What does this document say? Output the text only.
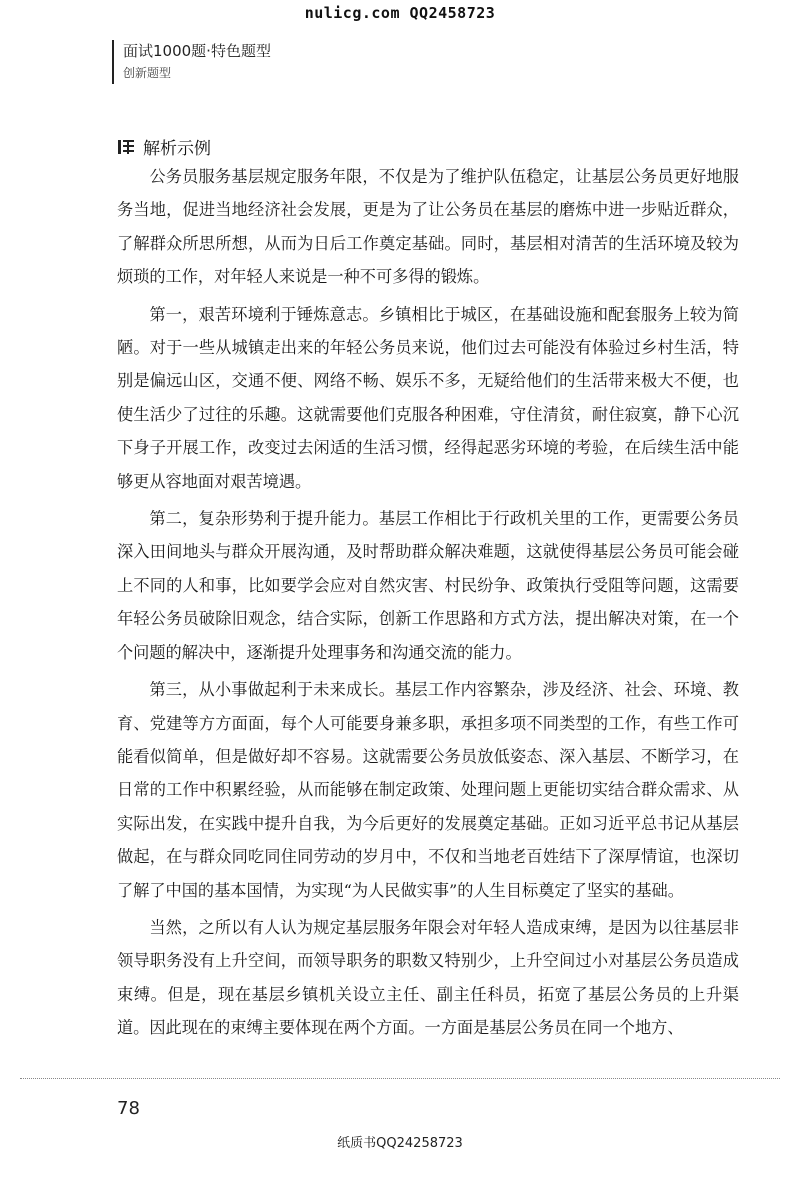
nulicg.com QQ2458723
面试1000题·特色题型
创新题型
解析示例

公务员服务基层规定服务年限，不仅是为了维护队伍稳定，让基层公务员更好地服务当地，促进当地经济社会发展，更是为了让公务员在基层的磨炼中进一步贴近群众，了解群众所思所想，从而为日后工作奠定基础。同时，基层相对清苦的生活环境及较为烦琐的工作，对年轻人来说是一种不可多得的锻炼。

第一，艰苦环境利于锤炼意志。乡镇相比于城区，在基础设施和配套服务上较为简陋。对于一些从城镇走出来的年轻公务员来说，他们过去可能没有体验过乡村生活，特别是偏远山区，交通不便、网络不畅、娱乐不多，无疑给他们的生活带来极大不便，也使生活少了过往的乐趣。这就需要他们克服各种困难，守住清贫，耐住寂寞，静下心沉下身子开展工作，改变过去闲适的生活习惯，经得起恶劣环境的考验，在后续生活中能够更从容地面对艰苦境遇。

第二，复杂形势利于提升能力。基层工作相比于行政机关里的工作，更需要公务员深入田间地头与群众开展沟通，及时帮助群众解决难题，这就使得基层公务员可能会碰上不同的人和事，比如要学会应对自然灾害、村民纷争、政策执行受阻等问题，这需要年轻公务员破除旧观念，结合实际，创新工作思路和方式方法，提出解决对策，在一个个问题的解决中，逐渐提升处理事务和沟通交流的能力。

第三，从小事做起利于未来成长。基层工作内容繁杂，涉及经济、社会、环境、教育、党建等方方面面，每个人可能要身兼多职，承担多项不同类型的工作，有些工作可能看似简单，但是做好却不容易。这就需要公务员放低姿态、深入基层、不断学习，在日常的工作中积累经验，从而能够在制定政策、处理问题上更能切实结合群众需求、从实际出发，在实践中提升自我，为今后更好的发展奠定基础。正如习近平总书记从基层做起，在与群众同吃同住同劳动的岁月中，不仅和当地老百姓结下了深厚情谊，也深切了解了中国的基本国情，为实现“为人民做实事”的人生目标奠定了坚实的基础。

当然，之所以有人认为规定基层服务年限会对年轻人造成束缚，是因为以往基层非领导职务没有上升空间，而领导职务的职数又特别少，上升空间过小对基层公务员造成束缚。但是，现在基层乡镇机关设立主任、副主任科员，拓宽了基层公务员的上升渠道。因此现在的束缚主要体现在两个方面。一方面是基层公务员在同一个地方、

78
纸质书QQ24258723
